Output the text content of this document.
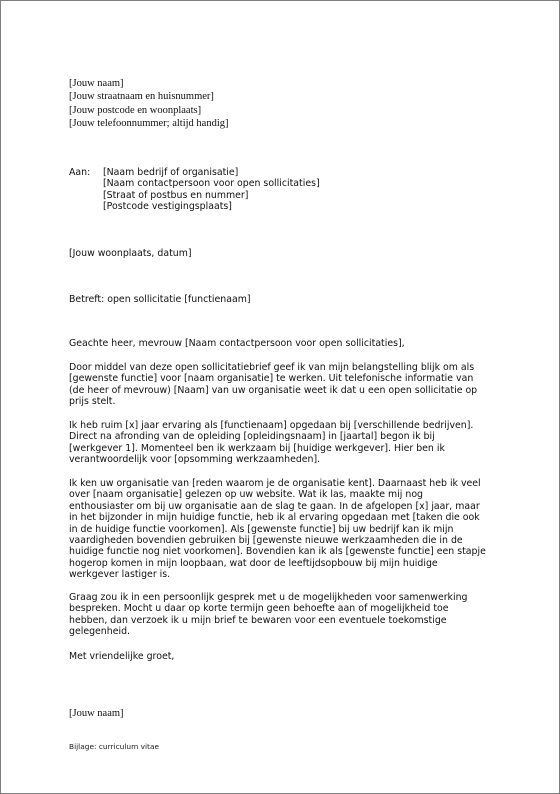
[Jouw naam]
[Jouw straatnaam en huisnummer]
[Jouw postcode en woonplaats]
[Jouw telefoonnummer; altijd handig]
Aan: [Naam bedrijf of organisatie]
[Naam contactpersoon voor open sollicitaties]
[Straat of postbus en nummer]
[Postcode vestigingsplaats]
[Jouw woonplaats, datum]
Betreft: open sollicitatie [functienaam]
Geachte heer, mevrouw [Naam contactpersoon voor open sollicitaties],
Door middel van deze open sollicitatiebrief geef ik van mijn belangstelling blijk om als
[gewenste functie] voor [naam organisatie] te werken. Uit telefonische informatie van
(de heer of mevrouw) [Naam] van uw organisatie weet ik dat u een open sollicitatie op
prijs stelt.
Ik heb ruim [x] jaar ervaring als [functienaam] opgedaan bij [verschillende bedrijven].
Direct na afronding van de opleiding [opleidingsnaam] in [jaartal] begon ik bij
[werkgever 1]. Momenteel ben ik werkzaam bij [huidige werkgever]. Hier ben ik
verantwoordelijk voor [opsomming werkzaamheden].
Ik ken uw organisatie van [reden waarom je de organisatie kent]. Daarnaast heb ik veel
over [naam organisatie] gelezen op uw website. Wat ik las, maakte mij nog
enthousiaster om bij uw organisatie aan de slag te gaan. In de afgelopen [x] jaar, maar
in het bijzonder in mijn huidige functie, heb ik al ervaring opgedaan met [taken die ook
in de huidige functie voorkomen]. Als [gewenste functie] bij uw bedrijf kan ik mijn
vaardigheden bovendien gebruiken bij [gewenste nieuwe werkzaamheden die in de
huidige functie nog niet voorkomen]. Bovendien kan ik als [gewenste functie] een stapje
hogerop komen in mijn loopbaan, wat door de leeftijdsopbouw bij mijn huidige
werkgever lastiger is.
Graag zou ik in een persoonlijk gesprek met u de mogelijkheden voor samenwerking
bespreken. Mocht u daar op korte termijn geen behoefte aan of mogelijkheid toe
hebben, dan verzoek ik u mijn brief te bewaren voor een eventuele toekomstige
gelegenheid.
Met vriendelijke groet,
[Jouw naam]
Bijlage: curriculum vitae
